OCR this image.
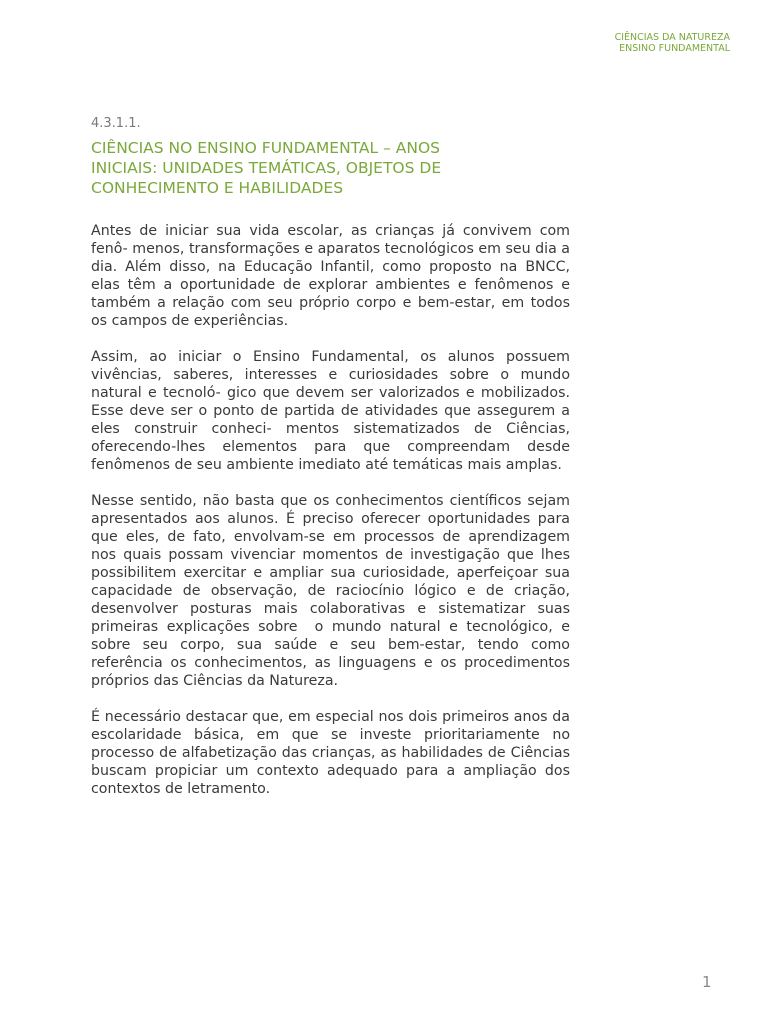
CIÊNCIAS DA NATUREZA
ENSINO FUNDAMENTAL
4.3.1.1.
CIÊNCIAS NO ENSINO FUNDAMENTAL – ANOS INICIAIS: UNIDADES TEMÁTICAS, OBJETOS DE CONHECIMENTO E HABILIDADES

Antes de iniciar sua vida escolar, as crianças já convivem com fenô- menos, transformações e aparatos tecnológicos em seu dia a dia. Além disso, na Educação Infantil, como proposto na BNCC, elas têm a oportunidade de explorar ambientes e fenômenos e também a relação com seu próprio corpo e bem-estar, em todos os campos de experiências.

Assim, ao iniciar o Ensino Fundamental, os alunos possuem vivências, saberes, interesses e curiosidades sobre o mundo natural e tecnoló- gico que devem ser valorizados e mobilizados. Esse deve ser o ponto de partida de atividades que assegurem a eles construir conheci- mentos sistematizados de Ciências, oferecendo-lhes elementos para que compreendam desde fenômenos de seu ambiente imediato até temáticas mais amplas.

Nesse sentido, não basta que os conhecimentos científicos sejam apresentados aos alunos. É preciso oferecer oportunidades para que eles, de fato, envolvam-se em processos de aprendizagem nos quais possam vivenciar momentos de investigação que lhes possibilitem exercitar e ampliar sua curiosidade, aperfeiçoar sua capacidade de observação, de raciocínio lógico e de criação, desenvolver posturas mais colaborativas e sistematizar suas primeiras explicações sobre  o mundo natural e tecnológico, e sobre seu corpo, sua saúde e seu bem-estar, tendo como referência os conhecimentos, as linguagens e os procedimentos próprios das Ciências da Natureza.

É necessário destacar que, em especial nos dois primeiros anos da escolaridade básica, em que se investe prioritariamente no processo de alfabetização das crianças, as habilidades de Ciências buscam propiciar um contexto adequado para a ampliação dos contextos de letramento.

1
